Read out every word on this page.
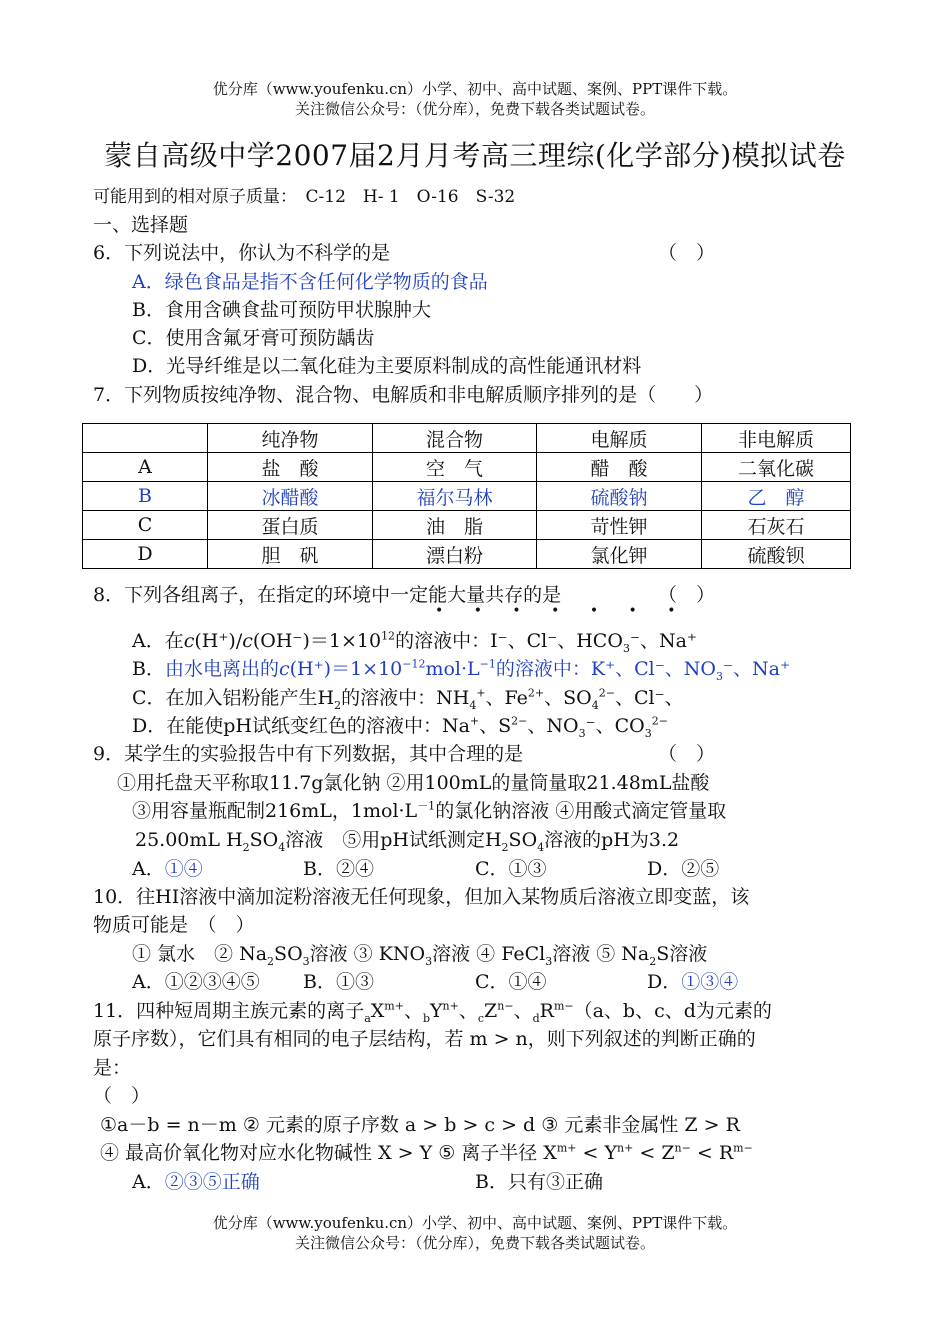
优分库（www.youfenku.cn）小学、初中、高中试题、案例、PPT课件下载。
关注微信公众号：（优分库），免费下载各类试题试卷。
蒙自高级中学2007届2月月考高三理综(化学部分)模拟试卷
可能用到的相对原子质量：　C-12　H- 1　O-16　S-32
一、选择题
6．下列说法中，你认为不科学的是	（　）
A．绿色食品是指不含任何化学物质的食品
B．食用含碘食盐可预防甲状腺肿大
C．使用含氟牙膏可预防龋齿
D．光导纤维是以二氧化硅为主要原料制成的高性能通讯材料
7．下列物质按纯净物、混合物、电解质和非电解质顺序排列的是（　　）
	纯净物	混合物	电解质	非电解质
A	盐　酸	空　气	醋　酸	二氧化碳
B	冰醋酸	福尔马林	硫酸钠	乙　醇
C	蛋白质	油　脂	苛性钾	石灰石
D	胆　矾	漂白粉	氯化钾	硫酸钡
8．下列各组离子，在指定的环境中一定能大量共存的是	（　）
• • • • • • •
A．在$c(H^+)/c(OH^-)=1\times 10^{12}$的溶液中：I⁻、Cl⁻、$HCO_3^-$、Na⁺
B．由水电离出的$c(H^+)=1\times 10^{-12}mol\cdot L^{-1}$的溶液中：K⁺、Cl⁻、$NO_3^-$、Na⁺
C．在加入铝粉能产生$H_2$的溶液中：$NH_4^+$、$Fe^{2+}$、$SO_4^{2-}$、Cl⁻、
D．在能使pH试纸变红色的溶液中：Na+、$S^{2-}$、$NO_3^-$、$CO_3^{2-}$
9．某学生的实验报告中有下列数据，其中合理的是	（　）
①用托盘天平称取11.7g氯化钠 ②用100mL的量筒量取21.48mL盐酸
③用容量瓶配制216mL，$1mol\cdot L^{-1}$的氯化钠溶液 ④用酸式滴定管量取
25.00mL $H_2SO_4$溶液　⑤用pH试纸测定$H_2SO_4$溶液的pH为3.2
A．①④	B．②④	C．①③	D．②⑤
10．往HI溶液中滴加淀粉溶液无任何现象，但加入某物质后溶液立即变蓝，该
物质可能是　（　）
① 氯水　② $Na_2SO_3$溶液 ③ $KNO_3$溶液 ④ FeCl$_3$溶液 ⑤ $Na_2S$溶液
A．①②③④⑤ B．①③	C．①④	D．①③④
11．四种短周期主族元素的离子$_aX^{m+}$、$_bY^{n+}$、$_cZ^{n-}$、$_dR^{m-}(a$、b、c、d为元素的
原子序数），它们具有相同的电子层结构，若 m > n，则下列叙述的判断正确的
是：
（　）
①a－b = n－m ② 元素的原子序数 a > b > c > d ③ 元素非金属性 Z > R
④ 最高价氧化物对应水化物碱性 X > Y ⑤ 离子半径 $X^{m+} < Y^{n+} < Z^{n-} < R^{m-}$
A．②③⑤正确	B．只有③正确
优分库（www.youfenku.cn）小学、初中、高中试题、案例、PPT课件下载。
关注微信公众号：（优分库），免费下载各类试题试卷。
